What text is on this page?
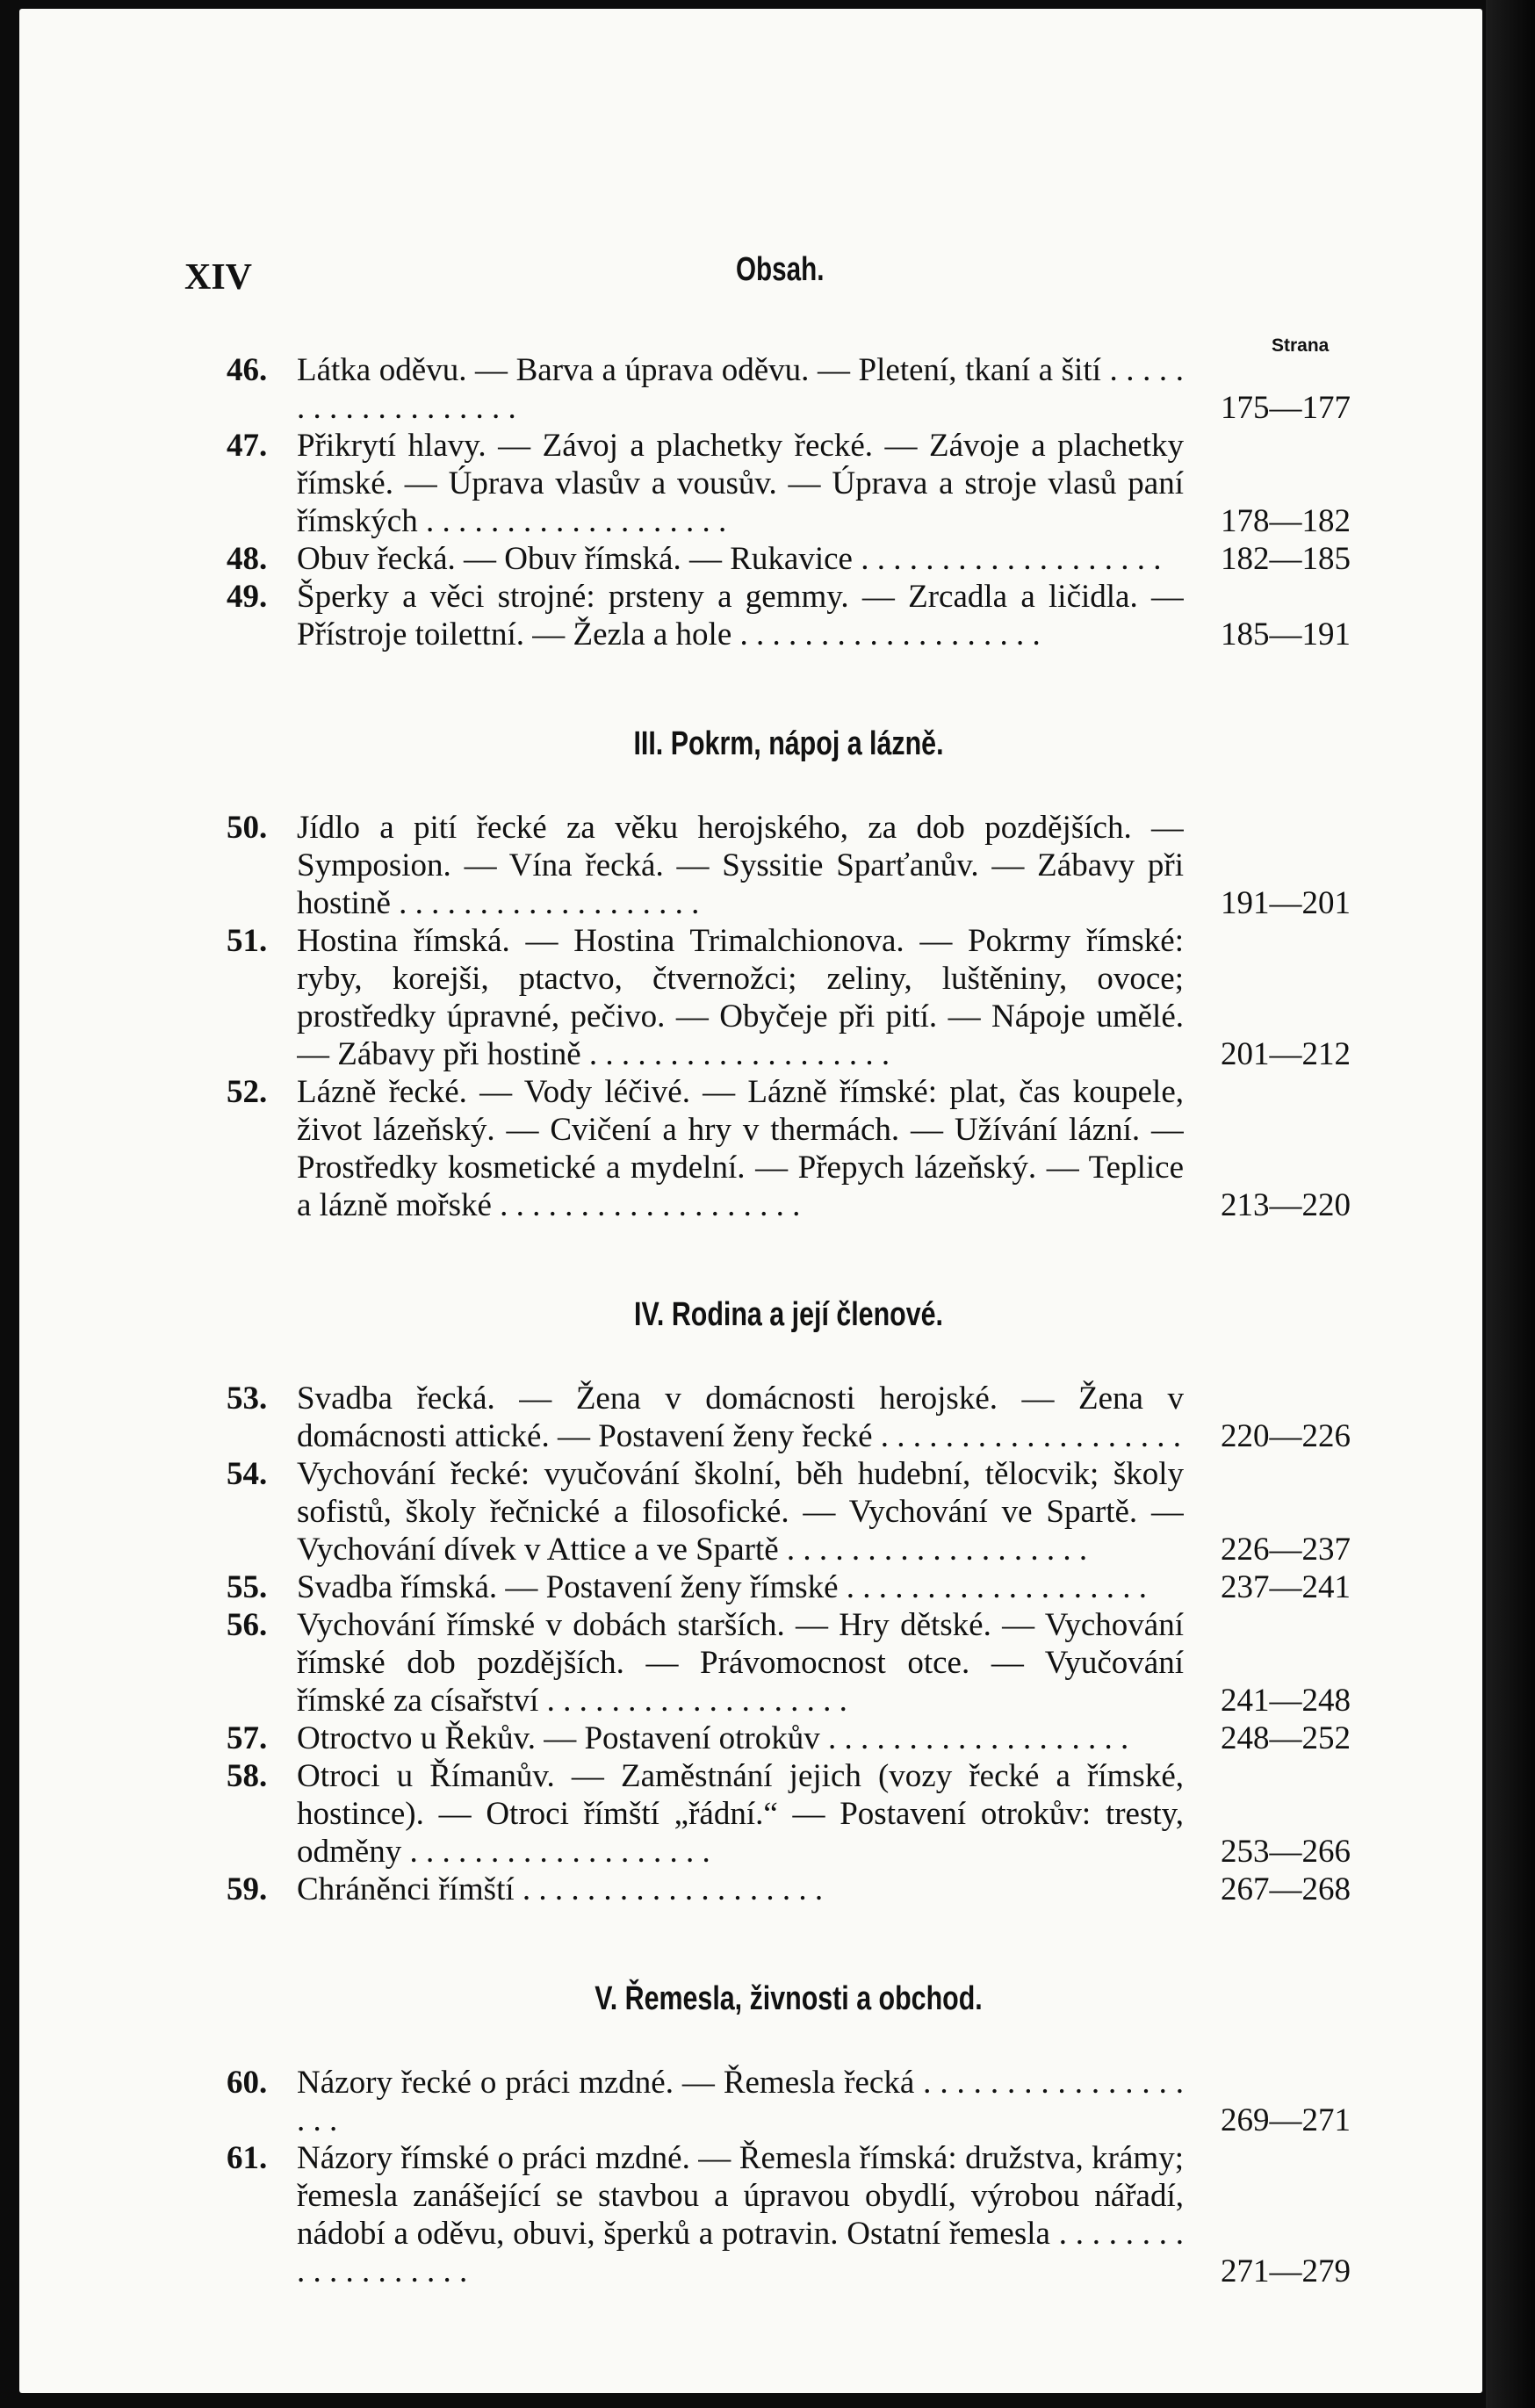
XIV	Obsah.
Strana
46. Látka oděvu. — Barva a úprava oděvu. — Pletení, tkaní a šití . . . . . . . . . . . . . . . . . . .	175—177
47. Přikrytí hlavy. — Závoj a plachetky řecké. — Závoje a plachetky římské. — Úprava vlasův a vousův. — Úprava a stroje vlasů paní římských . . . . . . . . . . . . . . . . . . .	178—182
48. Obuv řecká. — Obuv římská. — Rukavice . . . . . . . . . . . . . . . . . . .	182—185
49. Šperky a věci strojné: prsteny a gemmy. — Zrcadla a ličidla. — Přístroje toilettní. — Žezla a hole . . . . . . . . . . . . . . . . . . .	185—191
III. Pokrm, nápoj a lázně.
50. Jídlo a pití řecké za věku herojského, za dob pozdějších. — Symposion. — Vína řecká. — Syssitie Sparťanův. — Zábavy při hostině . . . . . . . . . . . . . . . . . . .	191—201
51. Hostina římská. — Hostina Trimalchionova. — Pokrmy římské: ryby, korejši, ptactvo, čtvernožci; zeliny, luštěniny, ovoce; prostředky úpravné, pečivo. — Obyčeje při pití. — Nápoje umělé. — Zábavy při hostině . . . . . . . . . . . . . . . . . . .	201—212
52. Lázně řecké. — Vody léčivé. — Lázně římské: plat, čas koupele, život lázeňský. — Cvičení a hry v thermách. — Užívání lázní. — Prostředky kosmetické a mydelní. — Přepych lázeňský. — Teplice a lázně mořské . . . . . . . . . . . . . . . . . . .	213—220
IV. Rodina a její členové.
53. Svadba řecká. — Žena v domácnosti herojské. — Žena v domácnosti attické. — Postavení ženy řecké . . . . . . . . . . . . . . . . . . .	220—226
54. Vychování řecké: vyučování školní, běh hudební, tělocvik; školy sofistů, školy řečnické a filosofické. — Vychování ve Spartě. — Vychování dívek v Attice a ve Spartě . . . . . . . . . . . . . . . . . . .	226—237
55. Svadba římská. — Postavení ženy římské . . . . . . . . . . . . . . . . . . .	237—241
56. Vychování římské v dobách starších. — Hry dětské. — Vychování římské dob pozdějších. — Právomocnost otce. — Vyučování římské za císařství . . . . . . . . . . . . . . . . . . .	241—248
57. Otroctvo u Řekův. — Postavení otrokův . . . . . . . . . . . . . . . . . . .	248—252
58. Otroci u Římanův. — Zaměstnání jejich (vozy řecké a římské, hostince). — Otroci římští „řádní.“ — Postavení otrokův: tresty, odměny . . . . . . . . . . . . . . . . . . .	253—266
59. Chráněnci římští . . . . . . . . . . . . . . . . . . .	267—268
V. Řemesla, živnosti a obchod.
60. Názory řecké o práci mzdné. — Řemesla řecká . . . . . . . . . . . . . . . . . . .	269—271
61. Názory římské o práci mzdné. — Řemesla římská: družstva, krámy; řemesla zanášející se stavbou a úpravou obydlí, výrobou nářadí, nádobí a oděvu, obuvi, šperků a potravin. Ostatní řemesla . . . . . . . . . . . . . . . . . . .	271—279
